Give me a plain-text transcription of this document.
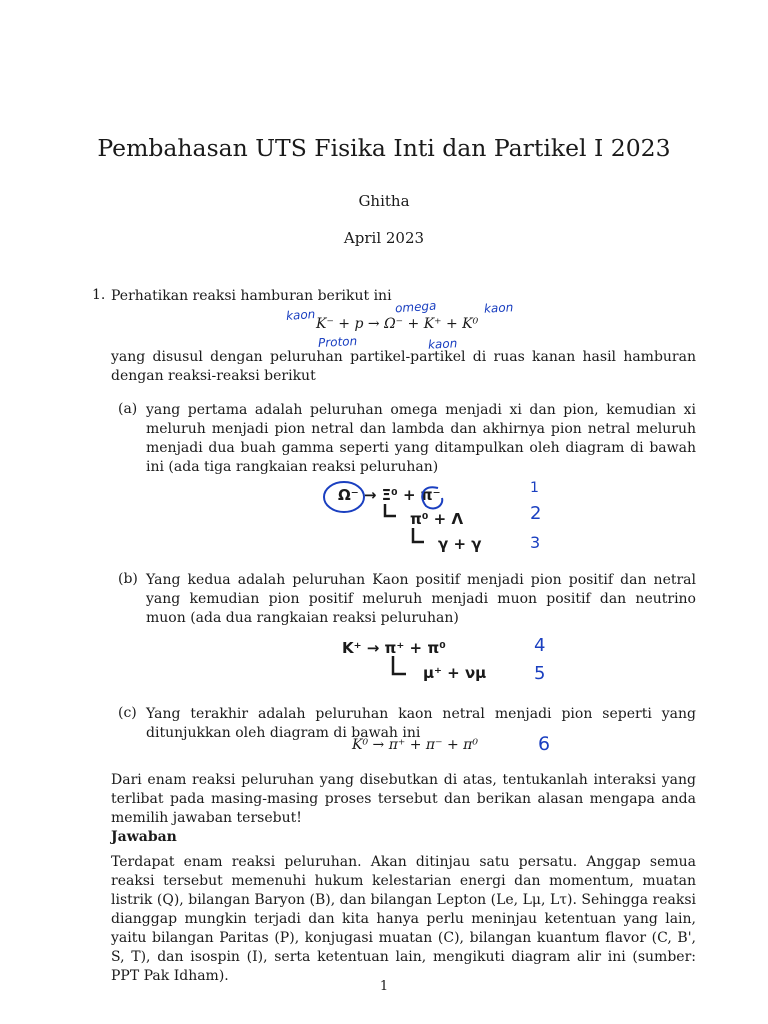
Pembahasan UTS Fisika Inti dan Partikel I 2023
Ghitha
April 2023
1. Perhatikan reaksi hamburan berikut ini
kaon	omega	kaon
Proton	kaon
K⁻ + p → Ω⁻ + K⁺ + K⁰
yang disusul dengan peluruhan partikel-partikel di ruas kanan hasil hamburan dengan reaksi-reaksi berikut
(a) yang pertama adalah peluruhan omega menjadi xi dan pion, kemudian xi meluruh menjadi pion netral dan lambda dan akhirnya pion netral meluruh menjadi dua buah gamma seperti yang ditampulkan oleh diagram di bawah ini (ada tiga rangkaian reaksi peluruhan)
Ω⁻ → Ξ⁰ + π⁻
π⁰ + Λ
γ + γ
1
2
3
(b) Yang kedua adalah peluruhan Kaon positif menjadi pion positif dan netral yang kemudian pion positif meluruh menjadi muon positif dan neutrino muon (ada dua rangkaian reaksi peluruhan)
K⁺ → π⁺ + π⁰
μ⁺ + νμ
4
5
(c) Yang terakhir adalah peluruhan kaon netral menjadi pion seperti yang ditunjukkan oleh diagram di bawah ini
K⁰ → π⁺ + π⁻ + π⁰	6
Dari enam reaksi peluruhan yang disebutkan di atas, tentukanlah interaksi yang terlibat pada masing-masing proses tersebut dan berikan alasan mengapa anda memilih jawaban tersebut!
Jawaban
Terdapat enam reaksi peluruhan. Akan ditinjau satu persatu. Anggap semua reaksi tersebut memenuhi hukum kelestarian energi dan momentum, muatan listrik (Q), bilangan Baryon (B), dan bilangan Lepton (Le, Lμ, Lτ). Sehingga reaksi dianggap mungkin terjadi dan kita hanya perlu meninjau ketentuan yang lain, yaitu bilangan Paritas (P), konjugasi muatan (C), bilangan kuantum flavor (C, B', S, T), dan isospin (I), serta ketentuan lain, mengikuti diagram alir ini (sumber: PPT Pak Idham).
1
